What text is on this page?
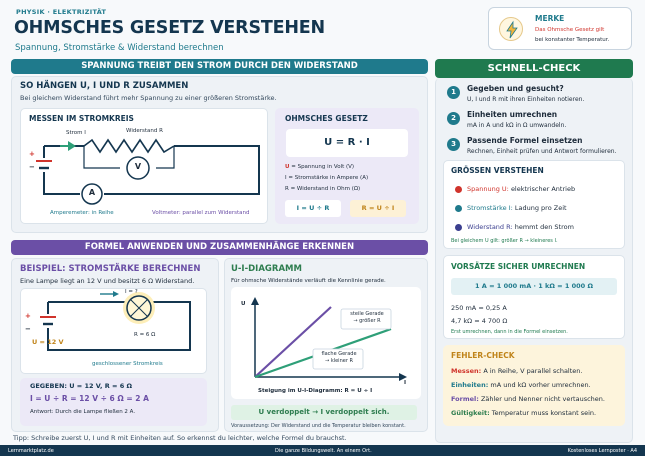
PHYSIK · ELEKTRIZITÄT
OHMSCHES GESETZ VERSTEHEN
Spannung, Stromstärke & Widerstand berechnen
MERKE
Das Ohmsche Gesetz gilt
bei konstanter Temperatur.
SPANNUNG TREIBT DEN STROM DURCH DEN WIDERSTAND
SO HÄNGEN U, I UND R ZUSAMMEN
Bei gleichem Widerstand führt mehr Spannung zu einer größeren Stromstärke.
MESSEN IM STROMKREIS
Strom I	Widerstand R
V
A
+
−
Amperemeter: in Reihe	Voltmeter: parallel zum Widerstand
OHMSCHES GESETZ
U = R · I
U = Spannung in Volt (V)
I = Stromstärke in Ampere (A)
R = Widerstand in Ohm (Ω)
I = U ÷ R	R = U ÷ I
FORMEL ANWENDEN UND ZUSAMMENHÄNGE ERKENNEN
BEISPIEL: STROMSTÄRKE BERECHNEN
Eine Lampe liegt an 12 V und besitzt 6 Ω Widerstand.
I = ?
R = 6 Ω
+
−
U = 12 V
geschlossener Stromkreis
GEGEBEN: U = 12 V, R = 6 Ω
I = U ÷ R = 12 V ÷ 6 Ω = 2 A
Antwort: Durch die Lampe fließen 2 A.
U-I-DIAGRAMM
Für ohmsche Widerstände verläuft die Kennlinie gerade.
U
I
steile Gerade
→ größer R
flache Gerade
→ kleiner R
Steigung im U-I-Diagramm: R = U ÷ I
U verdoppelt → I verdoppelt sich.
Voraussetzung: Der Widerstand und die Temperatur bleiben konstant.
Tipp: Schreibe zuerst U, I und R mit Einheiten auf. So erkennst du leichter, welche Formel du brauchst.
SCHNELL-CHECK
1	Gegeben und gesucht?
U, I und R mit ihren Einheiten notieren.
2	Einheiten umrechnen
mA in A und kΩ in Ω umwandeln.
3	Passende Formel einsetzen
Rechnen, Einheit prüfen und Antwort formulieren.
GRÖSSEN VERSTEHEN
Spannung U: elektrischer Antrieb
Stromstärke I: Ladung pro Zeit
Widerstand R: hemmt den Strom
Bei gleichem U gilt: größer R → kleineres I.
VORSÄTZE SICHER UMRECHNEN
1 A = 1 000 mA · 1 kΩ = 1 000 Ω
250 mA = 0,25 A
4,7 kΩ = 4 700 Ω
Erst umrechnen, dann in die Formel einsetzen.
FEHLER-CHECK
Messen: A in Reihe, V parallel schalten.
Einheiten: mA und kΩ vorher umrechnen.
Formel: Zähler und Nenner nicht vertauschen.
Gültigkeit: Temperatur muss konstant sein.
Lernmarktplatz.de	Die ganze Bildungswelt. An einem Ort.	Kostenloses Lernposter · A4
